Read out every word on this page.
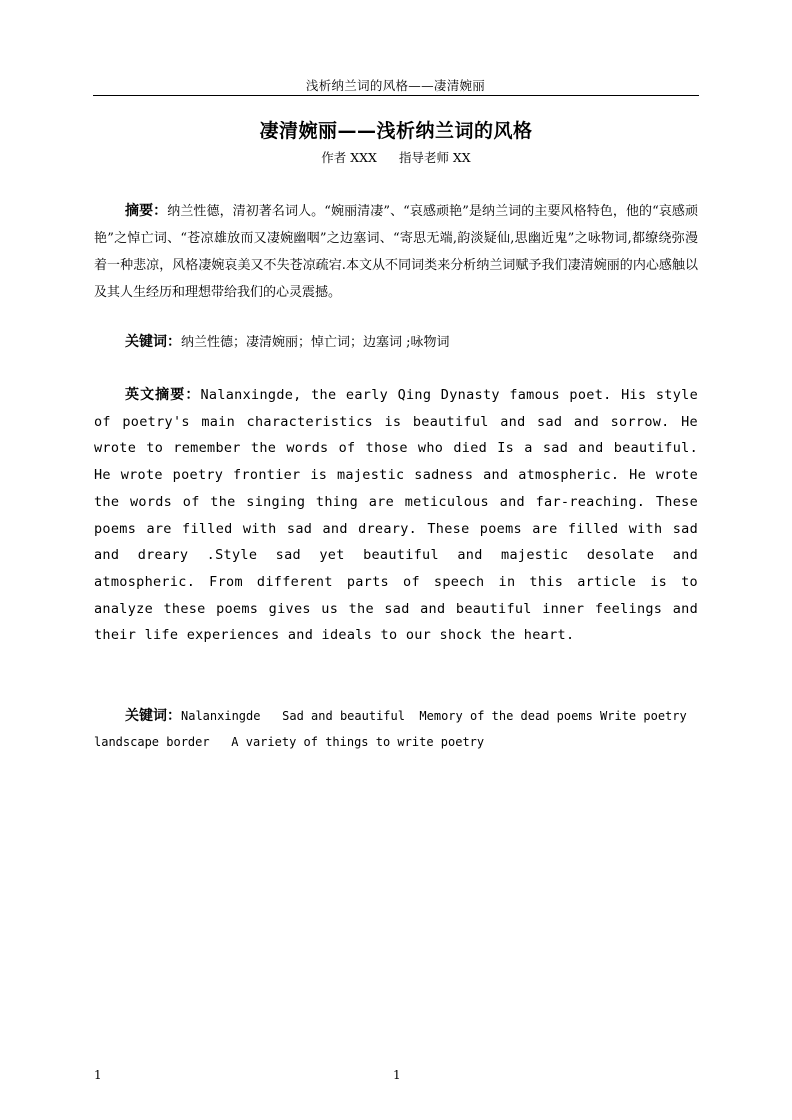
浅析纳兰词的风格——凄清婉丽
凄清婉丽——浅析纳兰词的风格
作者 XXX 指导老师 XX
摘要：纳兰性德，清初著名词人。“婉丽清凄”、“哀感顽艳”是纳兰词的主要风格特色，他的“哀感顽艳”之悼亡词、“苍凉雄放而又凄婉幽咽”之边塞词、“寄思无端,韵淡疑仙,思幽近鬼”之咏物词,都缭绕弥漫着一种悲凉，风格凄婉哀美又不失苍凉疏宕.本文从不同词类来分析纳兰词赋予我们凄清婉丽的内心感触以及其人生经历和理想带给我们的心灵震撼。
关键词：纳兰性德；凄清婉丽；悼亡词；边塞词 ;咏物词
英文摘要：Nalanxingde, the early Qing Dynasty famous poet. His style of poetry's main characteristics is beautiful and sad and sorrow. He wrote to remember the words of those who died Is a sad and beautiful. He wrote poetry frontier is majestic sadness and atmospheric. He wrote the words of the singing thing are meticulous and far-reaching. These poems are filled with sad and dreary. These poems are filled with sad and dreary .Style sad yet beautiful and majestic desolate and atmospheric. From different parts of speech in this article is to analyze these poems gives us the sad and beautiful inner feelings and their life experiences and ideals to our shock the heart.
关键词：Nalanxingde   Sad and beautiful  Memory of the dead poems Write poetry landscape border   A variety of things to write poetry
1	1
